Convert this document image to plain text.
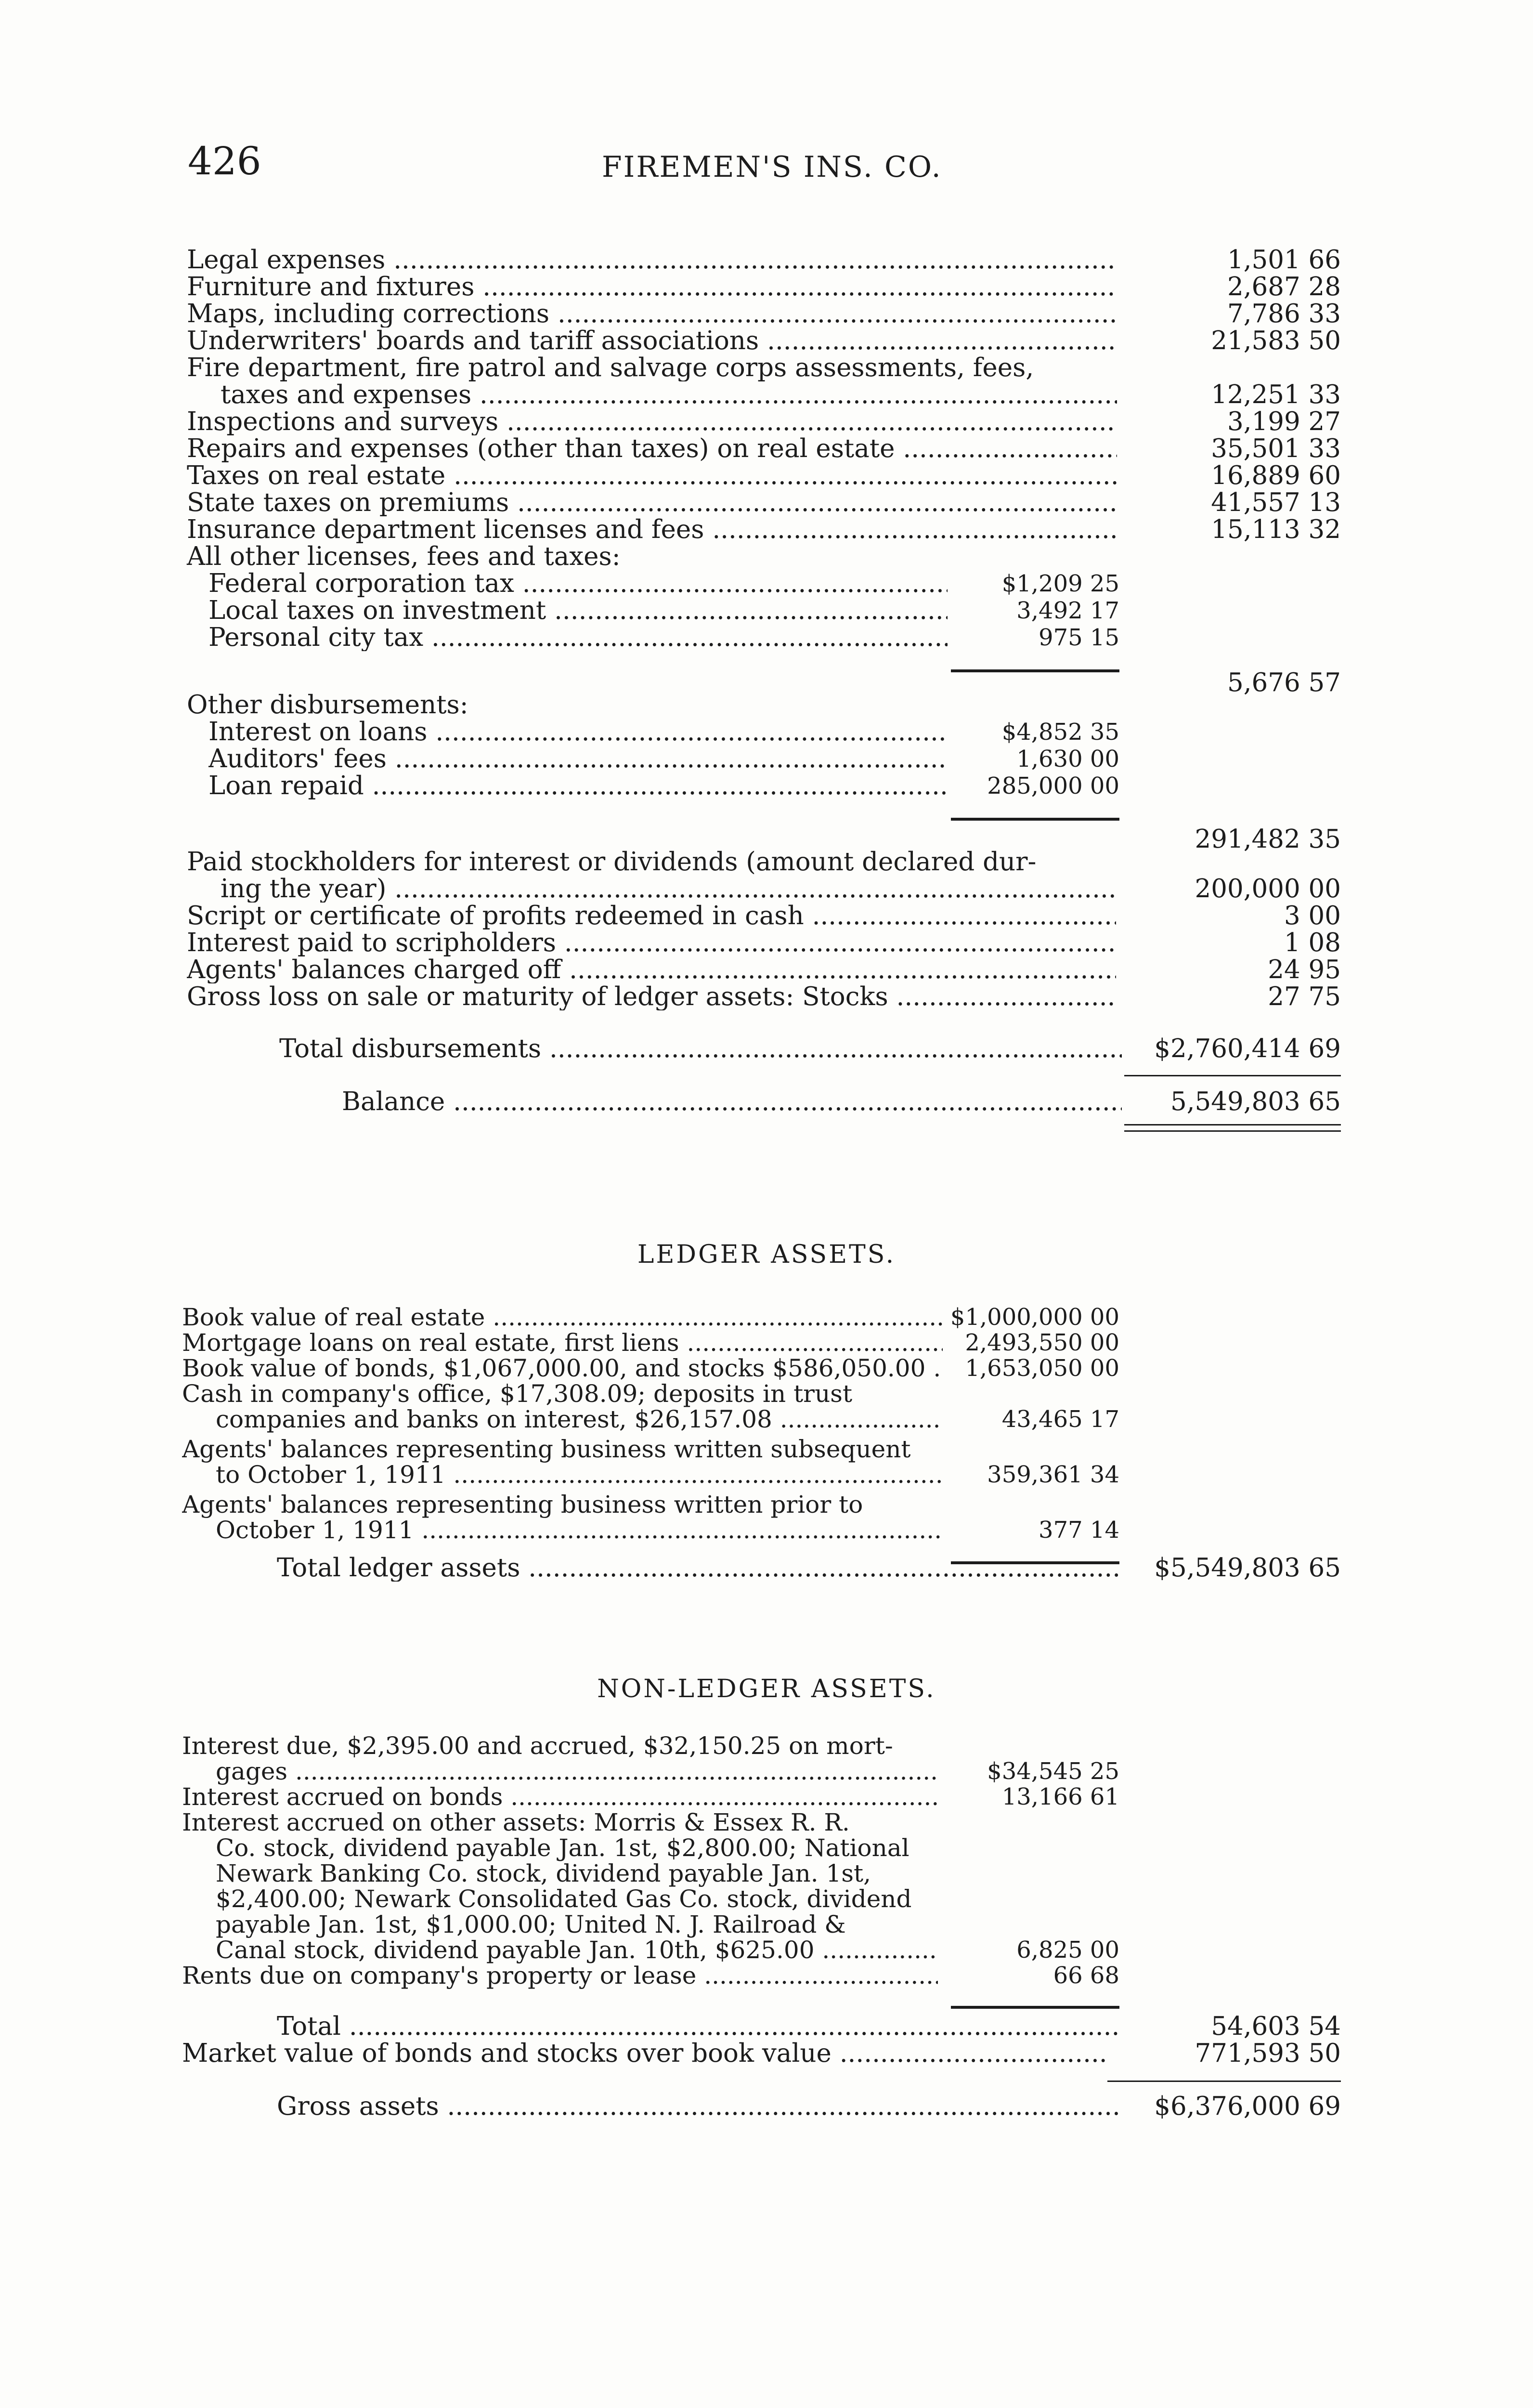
426	FIREMEN'S INS. CO.
Legal expenses .....	1,501 66
Furniture and fixtures .....	2,687 28
Maps, including corrections .....	7,786 33
Underwriters' boards and tariff associations .....	21,583 50
Fire department, fire patrol and salvage corps assessments, fees,
taxes and expenses .....	12,251 33
Inspections and surveys .....	3,199 27
Repairs and expenses (other than taxes) on real estate .....	35,501 33
Taxes on real estate .....	16,889 60
State taxes on premiums .....	41,557 13
Insurance department licenses and fees .....	15,113 32
All other licenses, fees and taxes:
Federal corporation tax .....	$1,209 25
Local taxes on investment .....	3,492 17
Personal city tax .....	975 15
5,676 57
Other disbursements:
Interest on loans .....	$4,852 35
Auditors' fees .....	1,630 00
Loan repaid .....	285,000 00
291,482 35
Paid stockholders for interest or dividends (amount declared dur-
ing the year) .....	200,000 00
Script or certificate of profits redeemed in cash .....	3 00
Interest paid to scripholders .....	1 08
Agents' balances charged off .....	24 95
Gross loss on sale or maturity of ledger assets: Stocks .....	27 75
Total disbursements .....	$2,760,414 69
Balance .....	5,549,803 65
LEDGER ASSETS.
Book value of real estate .....	$1,000,000 00
Mortgage loans on real estate, first liens .....	2,493,550 00
Book value of bonds, $1,067,000.00, and stocks $586,050.00 .....	1,653,050 00
Cash in company's office, $17,308.09; deposits in trust
companies and banks on interest, $26,157.08 .....	43,465 17
Agents' balances representing business written subsequent
to October 1, 1911 .....	359,361 34
Agents' balances representing business written prior to
October 1, 1911 .....	377 14
Total ledger assets .....	$5,549,803 65
NON-LEDGER ASSETS.
Interest due, $2,395.00 and accrued, $32,150.25 on mort-
gages .....	$34,545 25
Interest accrued on bonds .....	13,166 61
Interest accrued on other assets: Morris & Essex R. R.
Co. stock, dividend payable Jan. 1st, $2,800.00; National
Newark Banking Co. stock, dividend payable Jan. 1st,
$2,400.00; Newark Consolidated Gas Co. stock, dividend
payable Jan. 1st, $1,000.00; United N. J. Railroad &
Canal stock, dividend payable Jan. 10th, $625.00 .....	6,825 00
Rents due on company's property or lease .....	66 68
Total .....	54,603 54
Market value of bonds and stocks over book value .....	771,593 50
Gross assets .....	$6,376,000 69
